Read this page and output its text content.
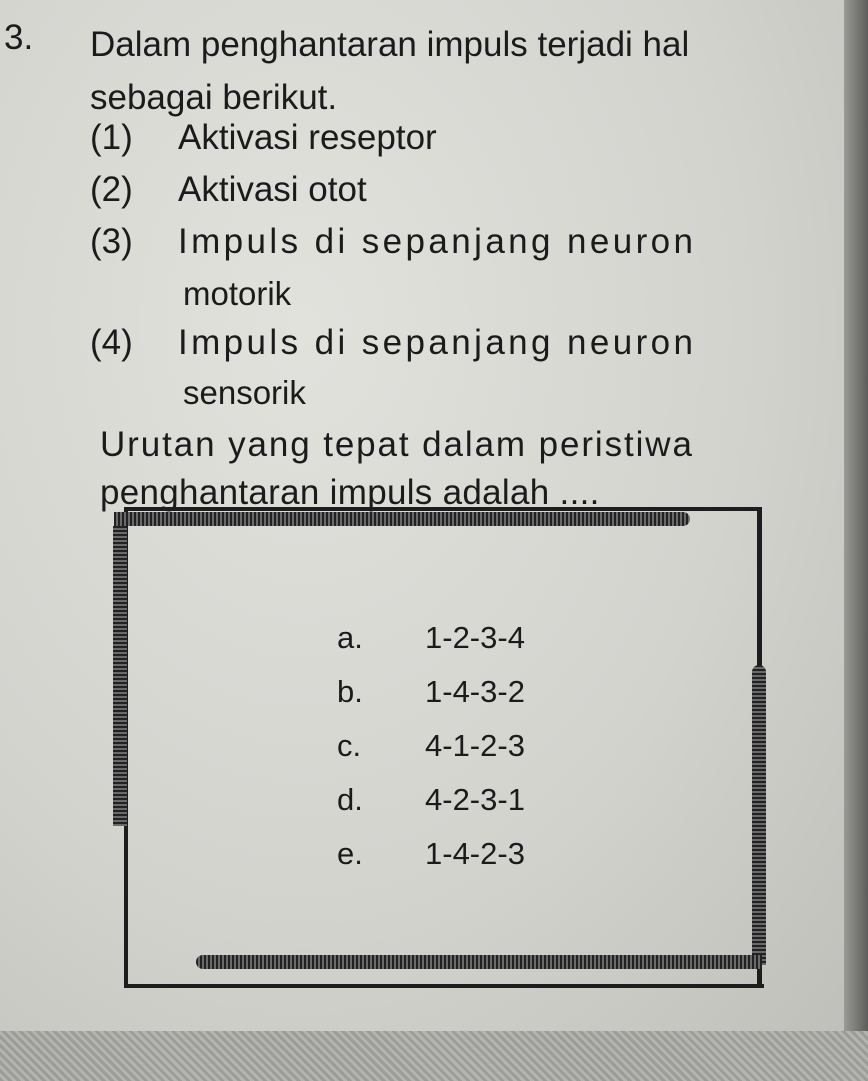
3. Dalam penghantaran impuls terjadi hal
sebagai berikut.
(1) Aktivasi reseptor
(2) Aktivasi otot
(3) Impuls di sepanjang neuron
motorik
(4) Impuls di sepanjang neuron
sensorik
Urutan yang tepat dalam peristiwa
penghantaran impuls adalah ....
a. 1-2-3-4
b. 1-4-3-2
c. 4-1-2-3
d. 4-2-3-1
e. 1-4-2-3
